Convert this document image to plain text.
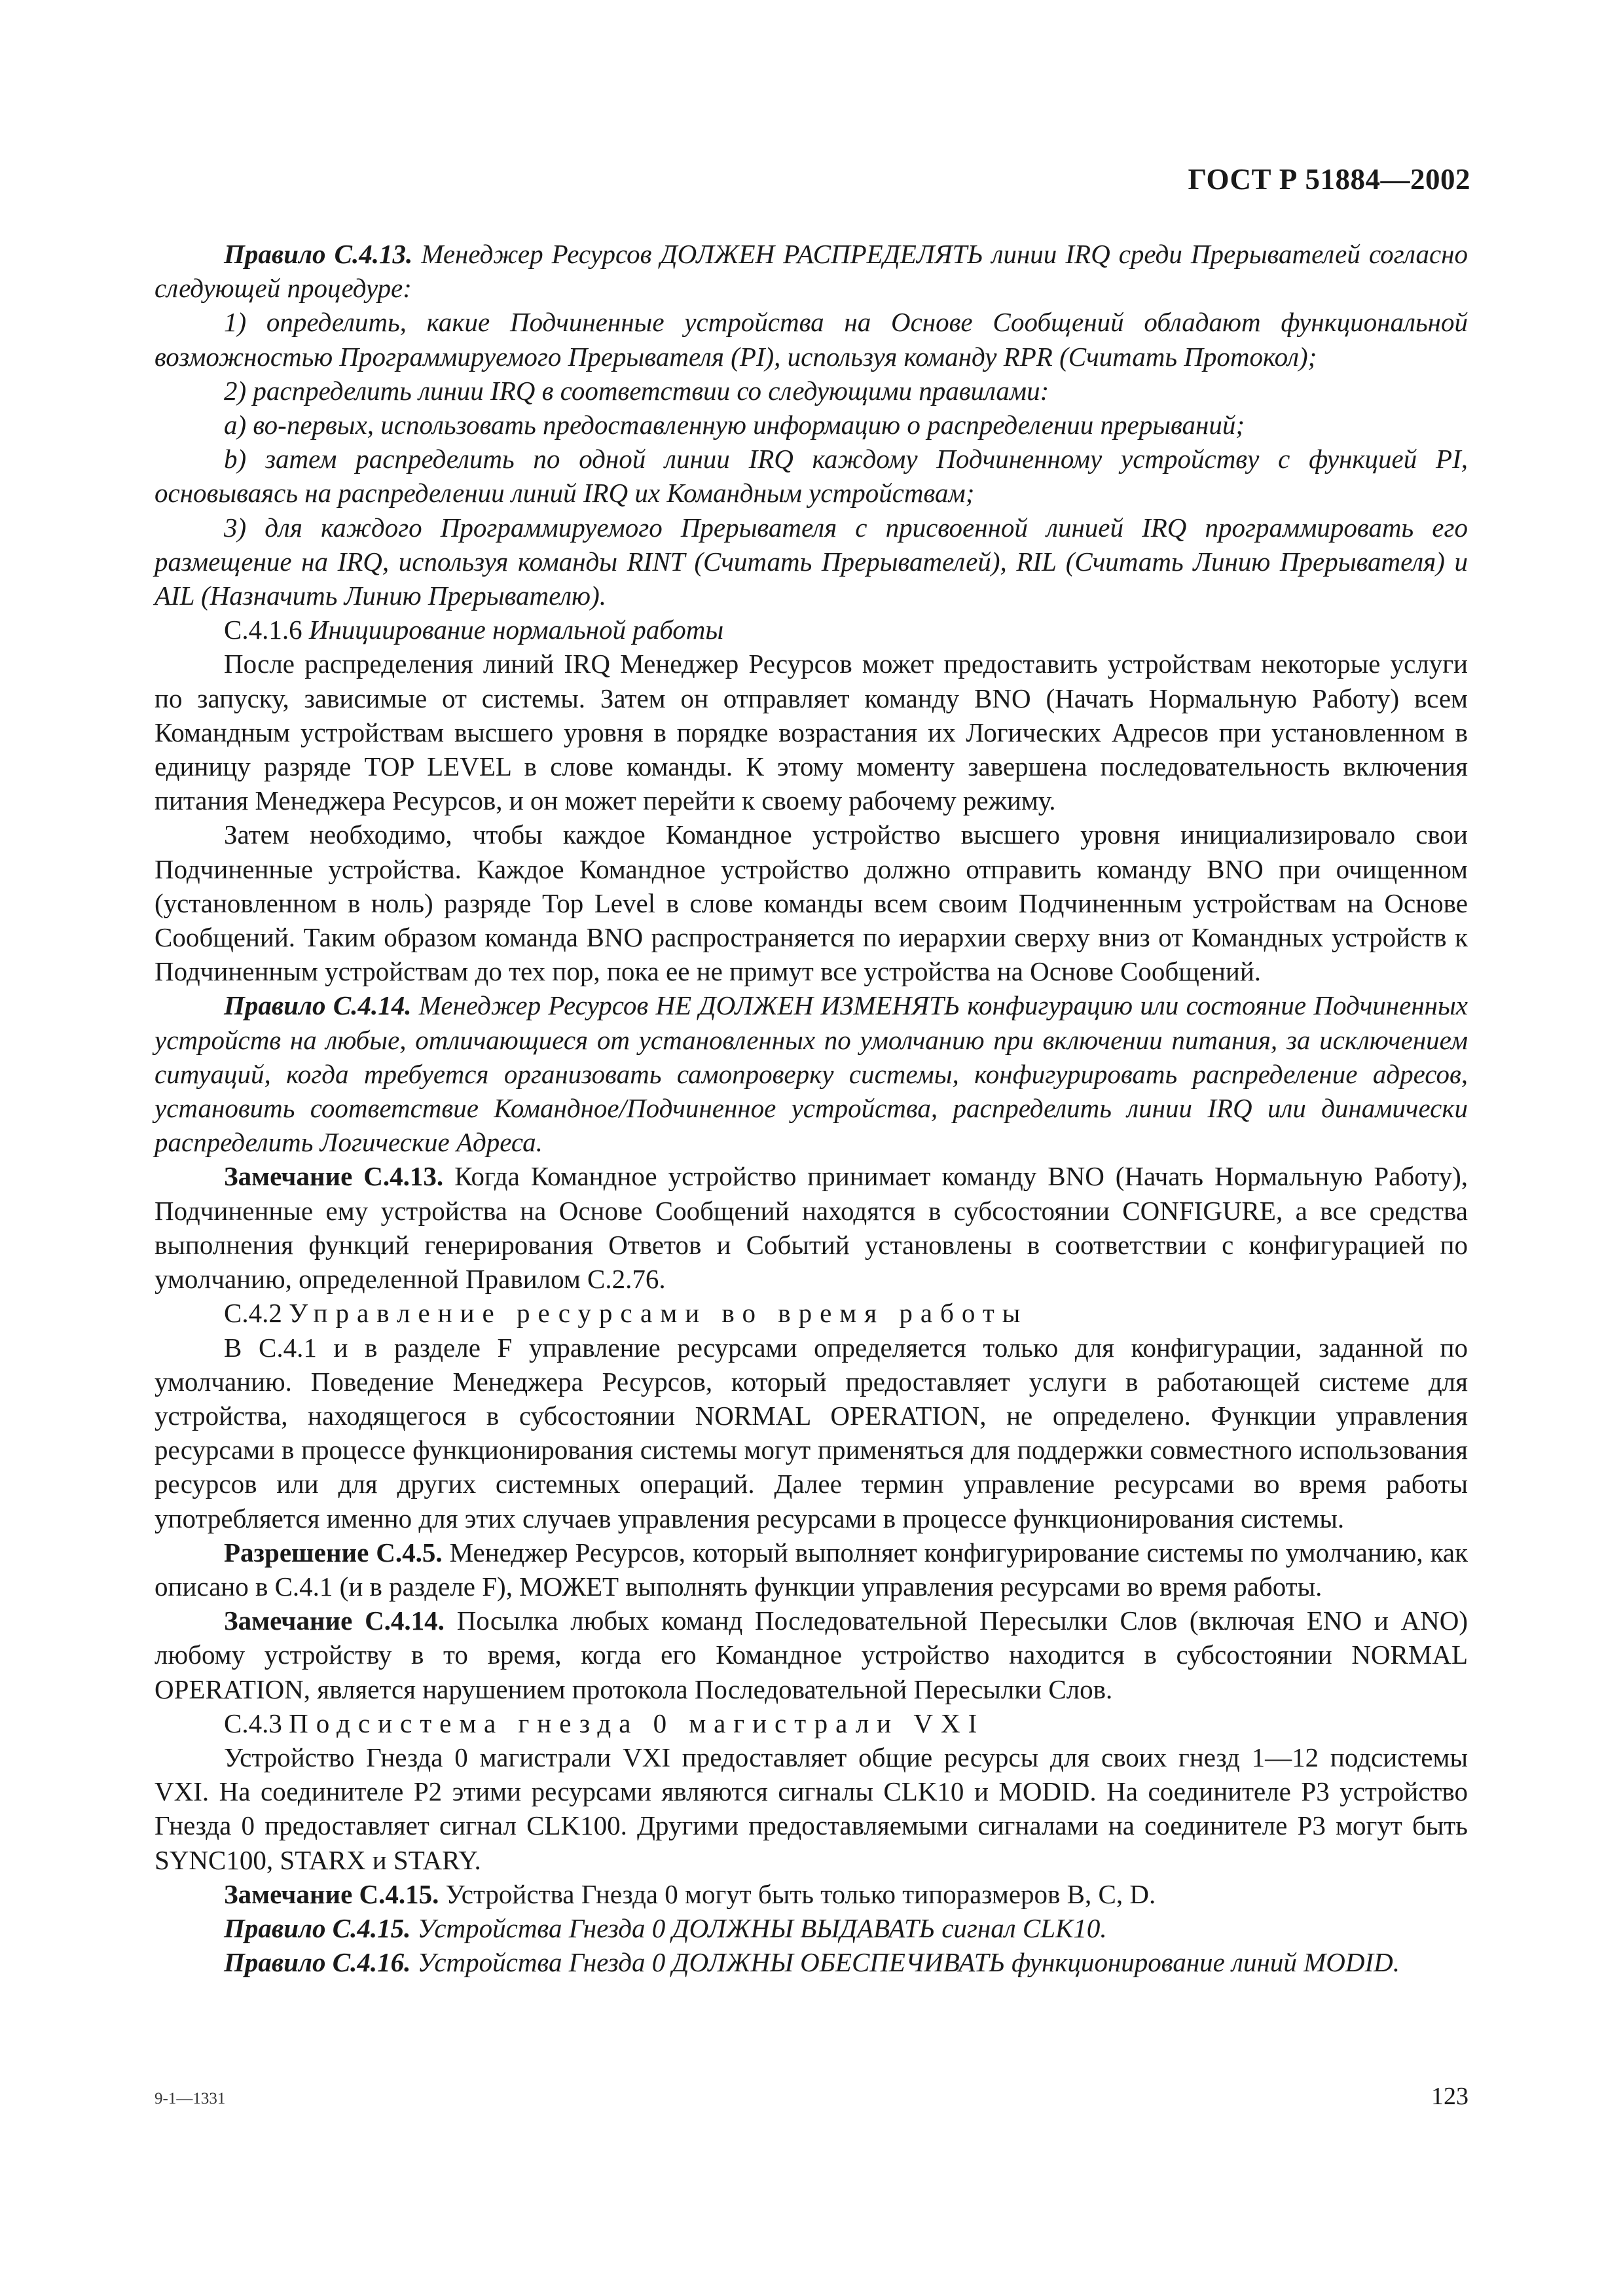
ГОСТ Р 51884—2002

Правило С.4.13. Менеджер Ресурсов ДОЛЖЕН РАСПРЕДЕЛЯТЬ линии IRQ среди Прерывателей согласно следующей процедуре:

1) определить, какие Подчиненные устройства на Основе Сообщений обладают функциональной возможностью Программируемого Прерывателя (PI), используя команду RPR (Считать Протокол);

2) распределить линии IRQ в соответствии со следующими правилами:

a) во-первых, использовать предоставленную информацию о распределении прерываний;

b) затем распределить по одной линии IRQ каждому Подчиненному устройству с функцией PI, основываясь на распределении линий IRQ их Командным устройствам;

3) для каждого Программируемого Прерывателя с присвоенной линией IRQ программировать его размещение на IRQ, используя команды RINT (Считать Прерывателей), RIL (Считать Линию Прерывателя) и AIL (Назначить Линию Прерывателю).

С.4.1.6 Инициирование нормальной работы

После распределения линий IRQ Менеджер Ресурсов может предоставить устройствам некоторые услуги по запуску, зависимые от системы. Затем он отправляет команду BNO (Начать Нормальную Работу) всем Командным устройствам высшего уровня в порядке возрастания их Логических Адресов при установленном в единицу разряде TOP LEVEL в слове команды. К этому моменту завершена последовательность включения питания Менеджера Ресурсов, и он может перейти к своему рабочему режиму.

Затем необходимо, чтобы каждое Командное устройство высшего уровня инициализировало свои Подчиненные устройства. Каждое Командное устройство должно отправить команду BNO при очищенном (установленном в ноль) разряде Top Level в слове команды всем своим Подчиненным устройствам на Основе Сообщений. Таким образом команда BNO распространяется по иерархии сверху вниз от Командных устройств к Подчиненным устройствам до тех пор, пока ее не примут все устройства на Основе Сообщений.

Правило С.4.14. Менеджер Ресурсов НЕ ДОЛЖЕН ИЗМЕНЯТЬ конфигурацию или состояние Подчиненных устройств на любые, отличающиеся от установленных по умолчанию при включении питания, за исключением ситуаций, когда требуется организовать самопроверку системы, конфигурировать распределение адресов, установить соответствие Командное/Подчиненное устройства, распределить линии IRQ или динамически распределить Логические Адреса.

Замечание С.4.13. Когда Командное устройство принимает команду BNO (Начать Нормальную Работу), Подчиненные ему устройства на Основе Сообщений находятся в субсостоянии CONFIGURE, а все средства выполнения функций генерирования Ответов и Событий установлены в соответствии с конфигурацией по умолчанию, определенной Правилом С.2.76.

С.4.2 Управление ресурсами во время работы

В С.4.1 и в разделе F управление ресурсами определяется только для конфигурации, заданной по умолчанию. Поведение Менеджера Ресурсов, который предоставляет услуги в работающей системе для устройства, находящегося в субсостоянии NORMAL OPERATION, не определено. Функции управления ресурсами в процессе функционирования системы могут применяться для поддержки совместного использования ресурсов или для других системных операций. Далее термин управление ресурсами во время работы употребляется именно для этих случаев управления ресурсами в процессе функционирования системы.

Разрешение С.4.5. Менеджер Ресурсов, который выполняет конфигурирование системы по умолчанию, как описано в С.4.1 (и в разделе F), МОЖЕТ выполнять функции управления ресурсами во время работы.

Замечание С.4.14. Посылка любых команд Последовательной Пересылки Слов (включая ENO и ANO) любому устройству в то время, когда его Командное устройство находится в субсостоянии NORMAL OPERATION, является нарушением протокола Последовательной Пересылки Слов.

С.4.3 Подсистема гнезда 0 магистрали VXI

Устройство Гнезда 0 магистрали VXI предоставляет общие ресурсы для своих гнезд 1—12 подсистемы VXI. На соединителе P2 этими ресурсами являются сигналы CLK10 и MODID. На соединителе P3 устройство Гнезда 0 предоставляет сигнал CLK100. Другими предоставляемыми сигналами на соединителе P3 могут быть SYNC100, STARX и STARY.

Замечание С.4.15. Устройства Гнезда 0 могут быть только типоразмеров В, С, D.

Правило С.4.15. Устройства Гнезда 0 ДОЛЖНЫ ВЫДАВАТЬ сигнал CLK10.

Правило С.4.16. Устройства Гнезда 0 ДОЛЖНЫ ОБЕСПЕЧИВАТЬ функционирование линий MODID.

9-1—1331	123
